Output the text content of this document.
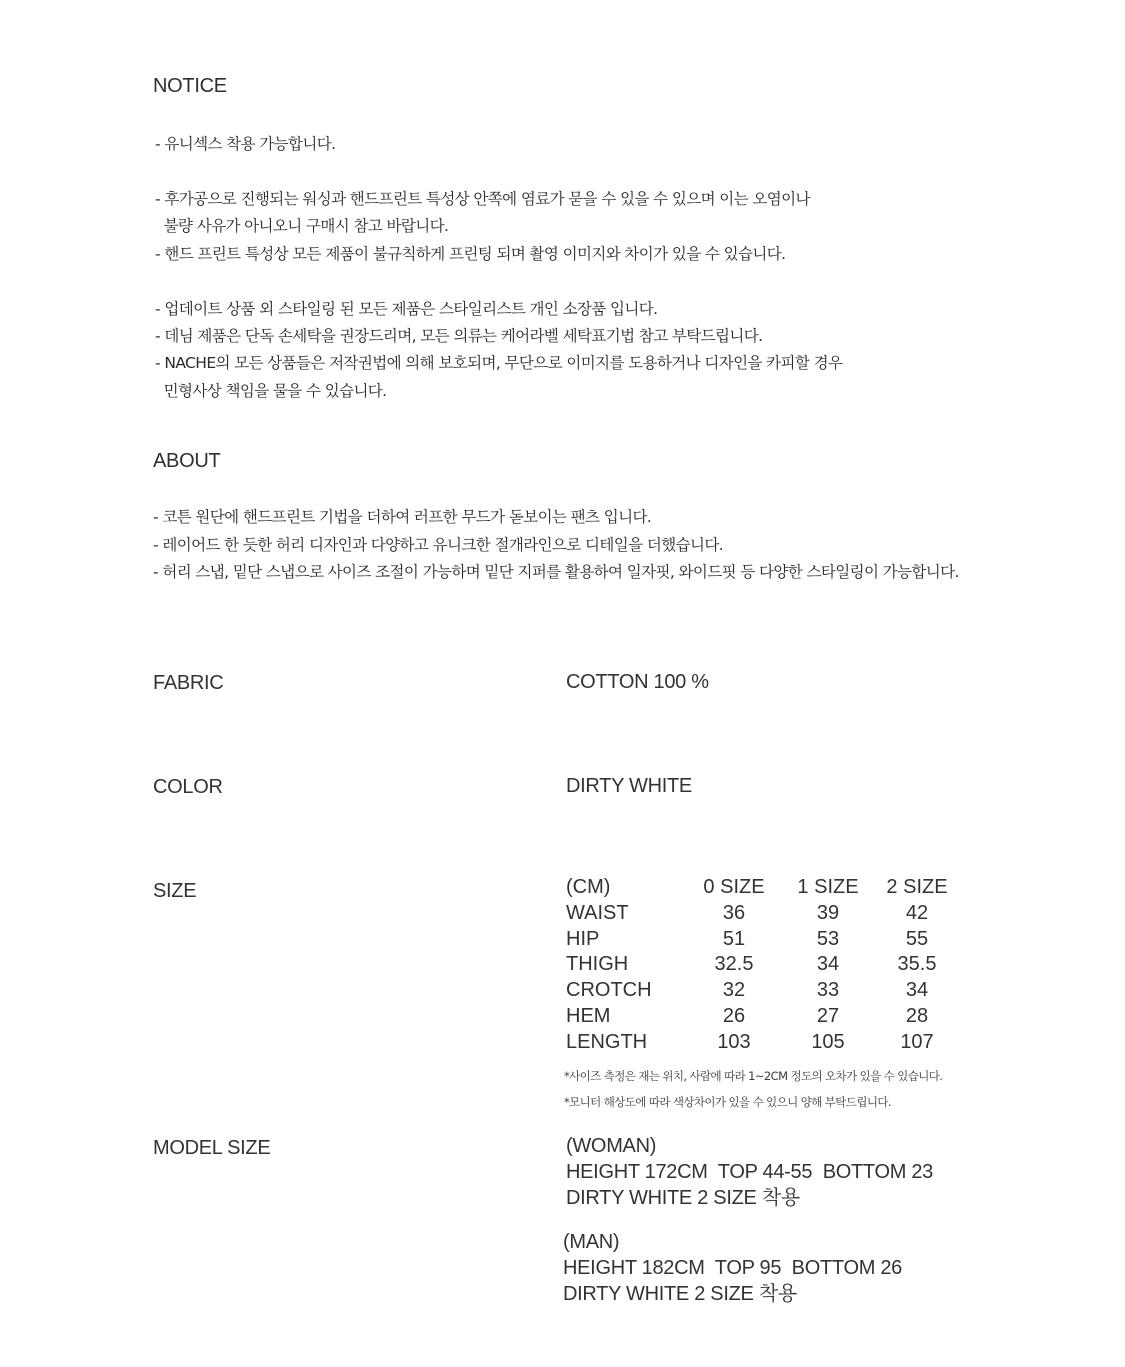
NOTICE
- 유니섹스 착용 가능합니다.
- 후가공으로 진행되는 워싱과 핸드프린트 특성상 안쪽에 염료가 묻을 수 있을 수 있으며 이는 오염이나
불량 사유가 아니오니 구매시 참고 바랍니다.
- 핸드 프린트 특성상 모든 제품이 불규칙하게 프린팅 되며 촬영 이미지와 차이가 있을 수 있습니다.
- 업데이트 상품 외 스타일링 된 모든 제품은 스타일리스트 개인 소장품 입니다.
- 데님 제품은 단독 손세탁을 권장드리며, 모든 의류는 케어라벨 세탁표기법 참고 부탁드립니다.
- NACHE의 모든 상품들은 저작권법에 의해 보호되며, 무단으로 이미지를 도용하거나 디자인을 카피할 경우
민형사상 책임을 물을 수 있습니다.
ABOUT
- 코튼 원단에 핸드프린트 기법을 더하여 러프한 무드가 돋보이는 팬츠 입니다.
- 레이어드 한 듯한 허리 디자인과 다양하고 유니크한 절개라인으로 디테일을 더했습니다.
- 허리 스냅, 밑단 스냅으로 사이즈 조절이 가능하며 밑단 지퍼를 활용하여 일자핏, 와이드핏 등 다양한 스타일링이 가능합니다.
FABRIC	COTTON 100 %
COLOR	DIRTY WHITE
SIZE	(CM)	0 SIZE	1 SIZE	2 SIZE
WAIST	36	39	42
HIP	51	53	55
THIGH	32.5	34	35.5
CROTCH	32	33	34
HEM	26	27	28
LENGTH	103	105	107
*사이즈 측정은 재는 위치, 사람에 따라 1~2CM 정도의 오차가 있을 수 있습니다.
*모니터 해상도에 따라 색상차이가 있을 수 있으니 양해 부탁드립니다.
MODEL SIZE	(WOMAN)
HEIGHT 172CM  TOP 44-55  BOTTOM 23
DIRTY WHITE 2 SIZE 착용
(MAN)
HEIGHT 182CM  TOP 95  BOTTOM 26
DIRTY WHITE 2 SIZE 착용
